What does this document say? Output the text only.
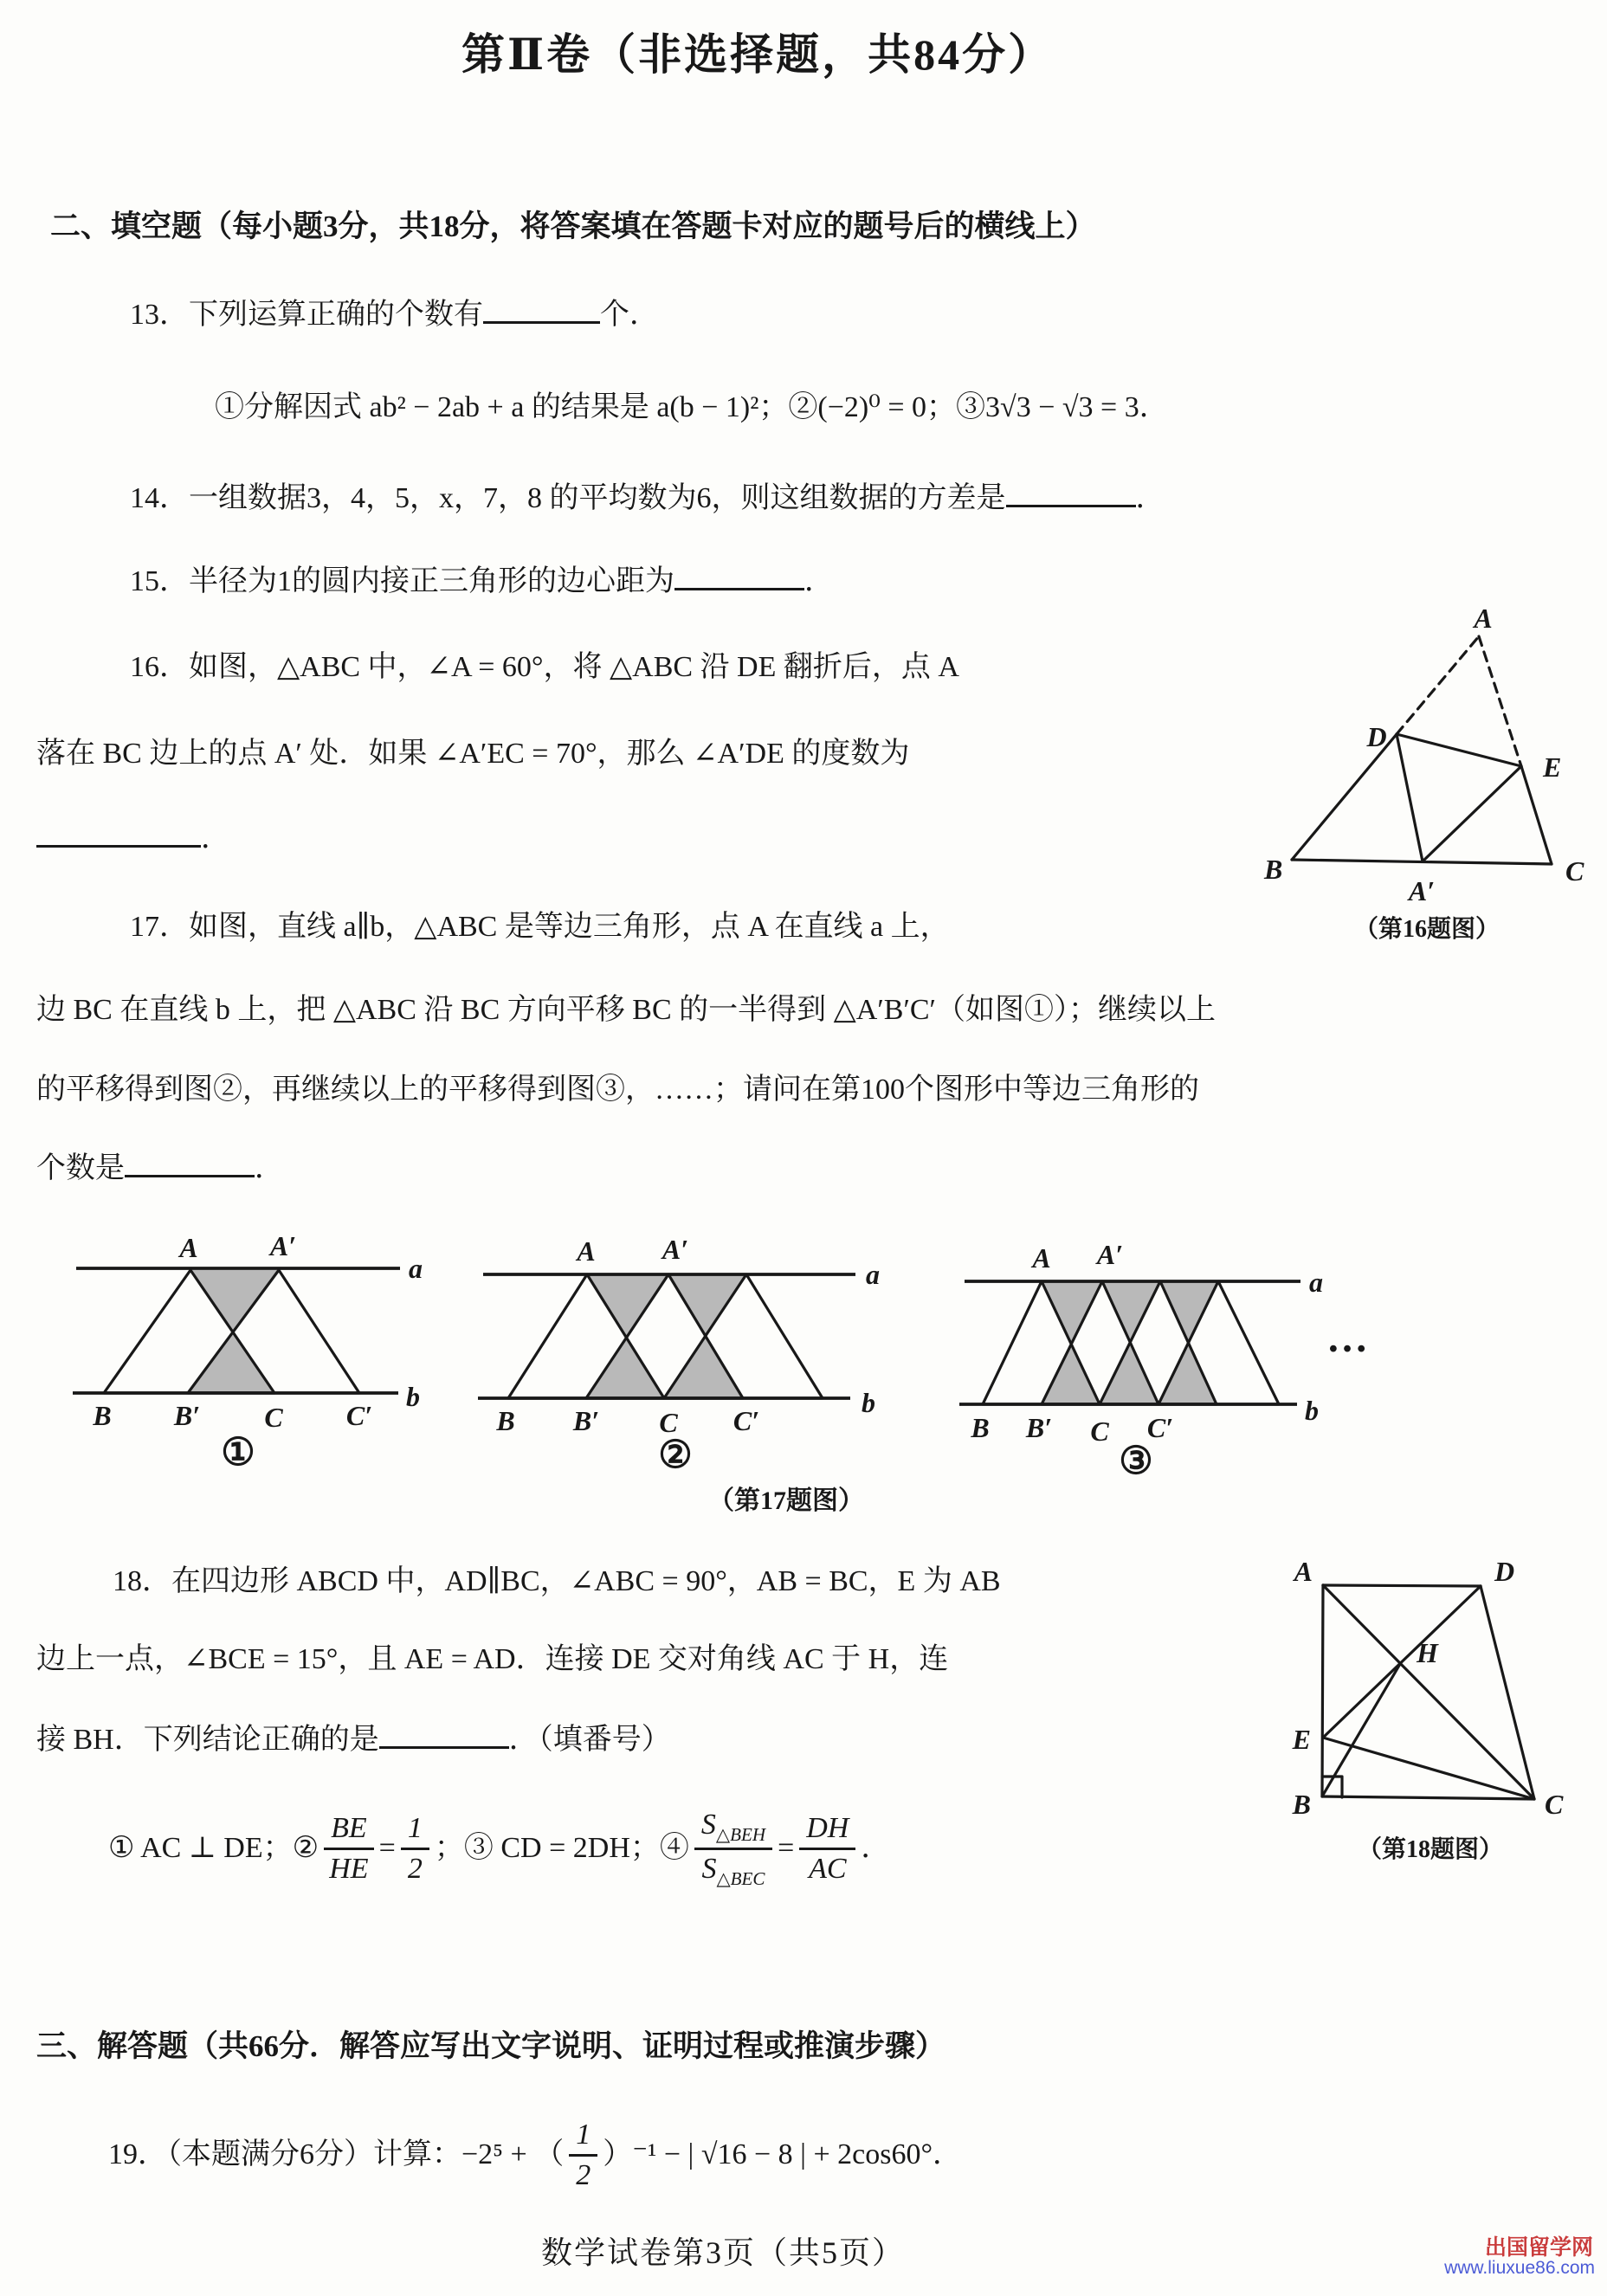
第Ⅱ卷（非选择题，共84分）
二、填空题（每小题3分，共18分，将答案填在答题卡对应的题号后的横线上）
13．下列运算正确的个数有	个．
①分解因式 ab² − 2ab + a 的结果是 a(b − 1)²；②(−2)⁰ = 0；③3√3 − √3 = 3．
14．一组数据3，4，5，x，7，8 的平均数为6，则这组数据的方差是	．
15．半径为1的圆内接正三角形的边心距为	．
16．如图，△ABC 中，∠A = 60°，将 △ABC 沿 DE 翻折后，点 A
落在 BC 边上的点 A′ 处．如果 ∠A′EC = 70°，那么 ∠A′DE 的度数为
．
A
D
E
B	C
A′
（第16题图）
17．如图，直线 a∥b，△ABC 是等边三角形，点 A 在直线 a 上，
边 BC 在直线 b 上，把 △ABC 沿 BC 方向平移 BC 的一半得到 △A′B′C′（如图①）；继续以上
的平移得到图②，再继续以上的平移得到图③，……；请问在第100个图形中等边三角形的
个数是	．
A	A′
B B′ C C′
a
b
①
A A′
B B′ C C′
a
b
②
A A′
B B′ C C′
a
b
③
…
（第17题图）
18．在四边形 ABCD 中，AD∥BC，∠ABC = 90°，AB = BC，E 为 AB
边上一点，∠BCE = 15°，且 AE = AD．连接 DE 交对角线 AC 于 H，连
接 BH．下列结论正确的是	．（填番号）
① AC ⊥ DE；② $\frac{BE}{HE} = \frac{1}{2}$ ；③ CD = 2DH；④ $\frac{S_{\triangle BEH}}{S_{\triangle BEC}} = \frac{DH}{AC}$ ．
A	D
H
E
B	C
（第18题图）
三、解答题（共66分．解答应写出文字说明、证明过程或推演步骤）
19．（本题满分6分）计算：−2⁵ + （ $\frac{1}{2} )^{-1}$ − | √16 − 8 | + 2cos60°．
数学试卷第3页（共5页）	出国留学网
www.liuxue86.com
